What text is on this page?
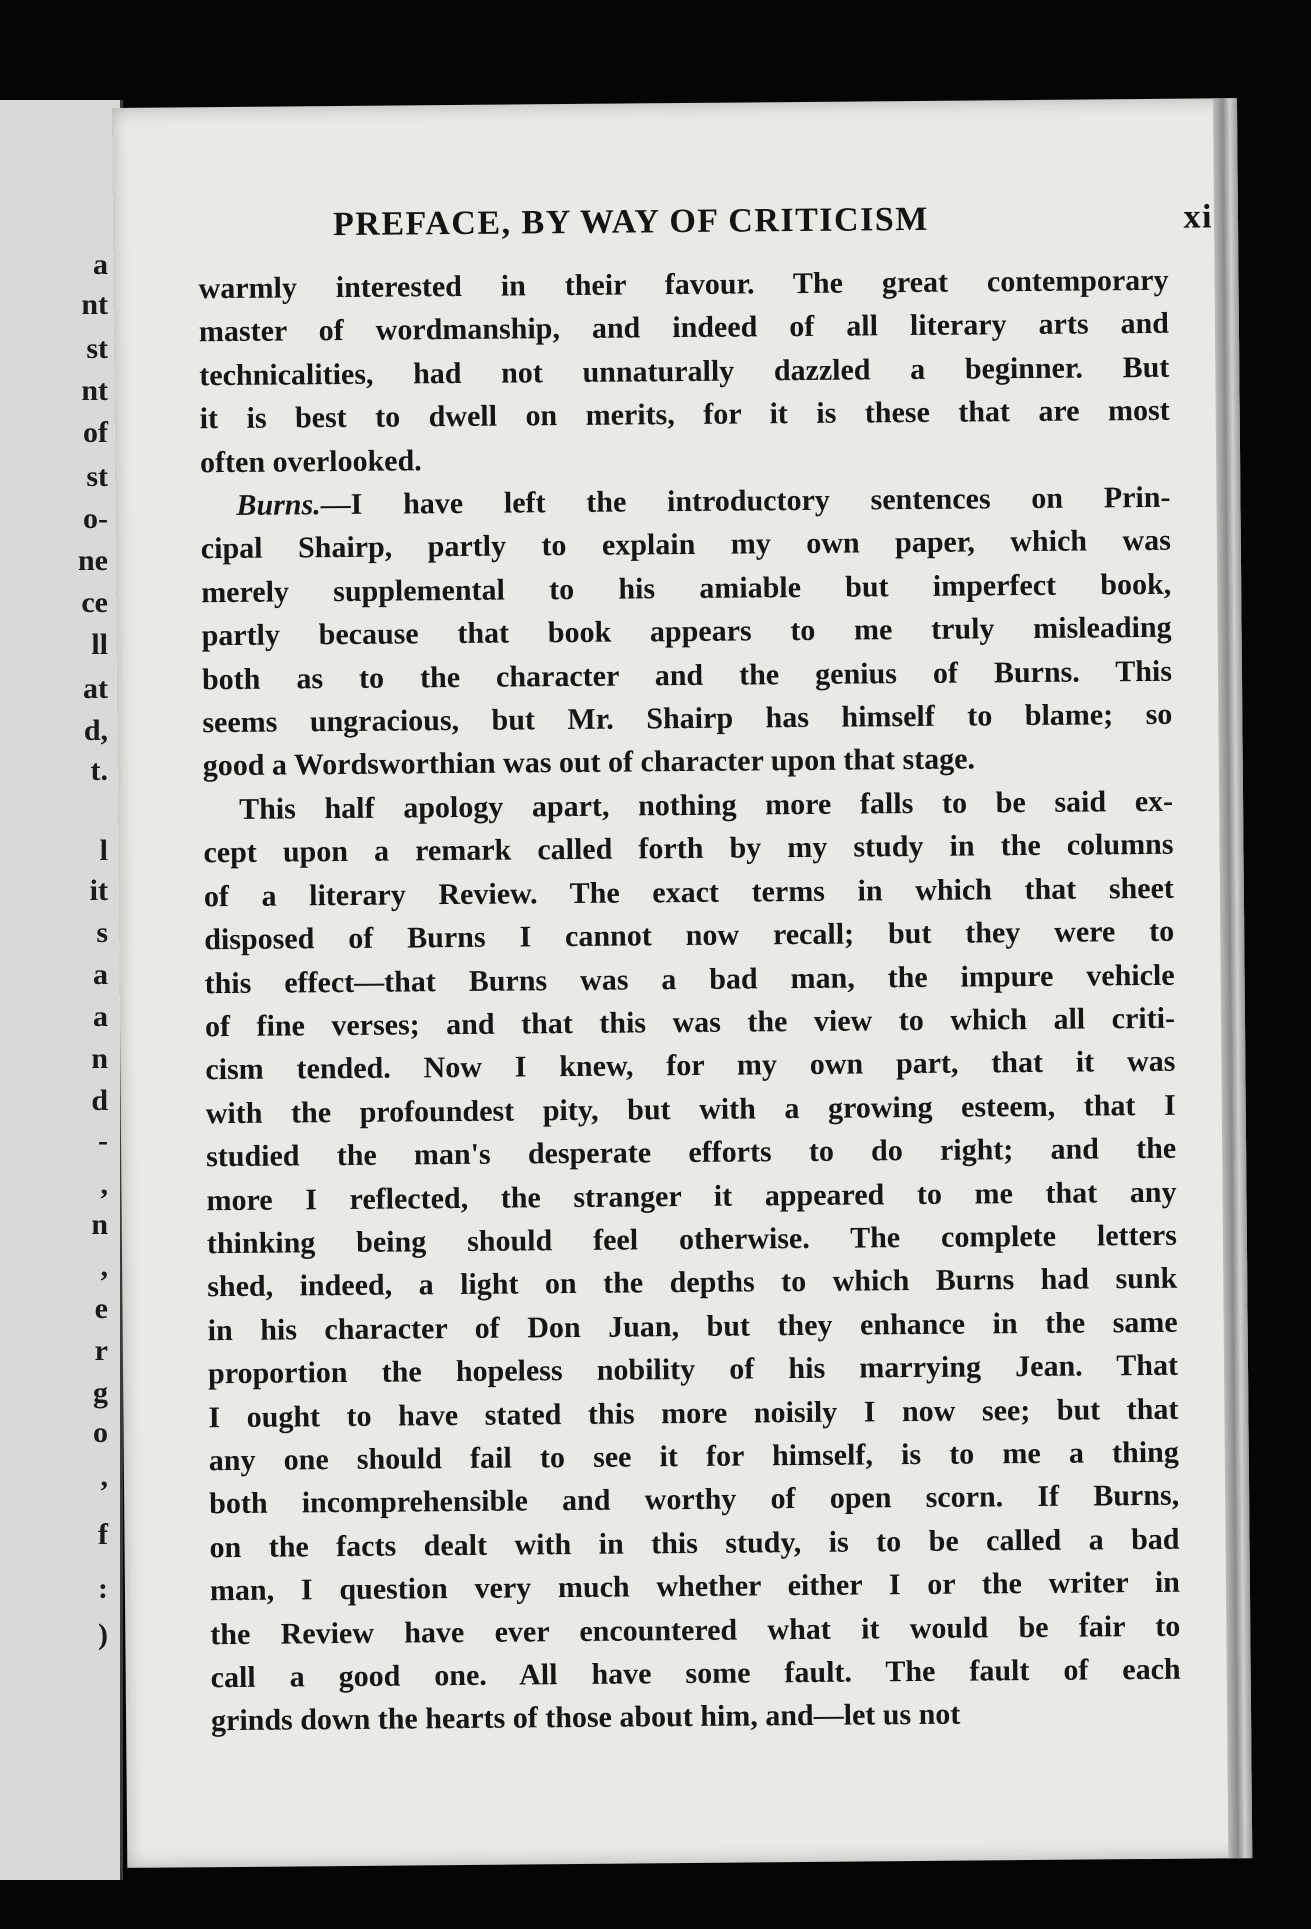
a
nt
st
nt
of
st
o-
ne
ce
ll
at
d,
t.
l
it
s
a
a
n
d
-
,
n
,
e
r
g
o
,
f
:
)
PREFACE, BY WAY OF CRITICISM	xi

warmly interested in their favour. The great contemporary
master of wordmanship, and indeed of all literary arts and
technicalities, had not unnaturally dazzled a beginner. But
it is best to dwell on merits, for it is these that are most
often overlooked.

Burns.—I have left the introductory sentences on Prin-
cipal Shairp, partly to explain my own paper, which was
merely supplemental to his amiable but imperfect book,
partly because that book appears to me truly misleading
both as to the character and the genius of Burns. This
seems ungracious, but Mr. Shairp has himself to blame; so
good a Wordsworthian was out of character upon that stage.

This half apology apart, nothing more falls to be said ex-
cept upon a remark called forth by my study in the columns
of a literary Review. The exact terms in which that sheet
disposed of Burns I cannot now recall; but they were to
this effect—that Burns was a bad man, the impure vehicle
of fine verses; and that this was the view to which all criti-
cism tended. Now I knew, for my own part, that it was
with the profoundest pity, but with a growing esteem, that I
studied the man's desperate efforts to do right; and the
more I reflected, the stranger it appeared to me that any
thinking being should feel otherwise. The complete letters
shed, indeed, a light on the depths to which Burns had sunk
in his character of Don Juan, but they enhance in the same
proportion the hopeless nobility of his marrying Jean. That
I ought to have stated this more noisily I now see; but that
any one should fail to see it for himself, is to me a thing
both incomprehensible and worthy of open scorn. If Burns,
on the facts dealt with in this study, is to be called a bad
man, I question very much whether either I or the writer in
the Review have ever encountered what it would be fair to
call a good one. All have some fault. The fault of each
grinds down the hearts of those about him, and—let us not
